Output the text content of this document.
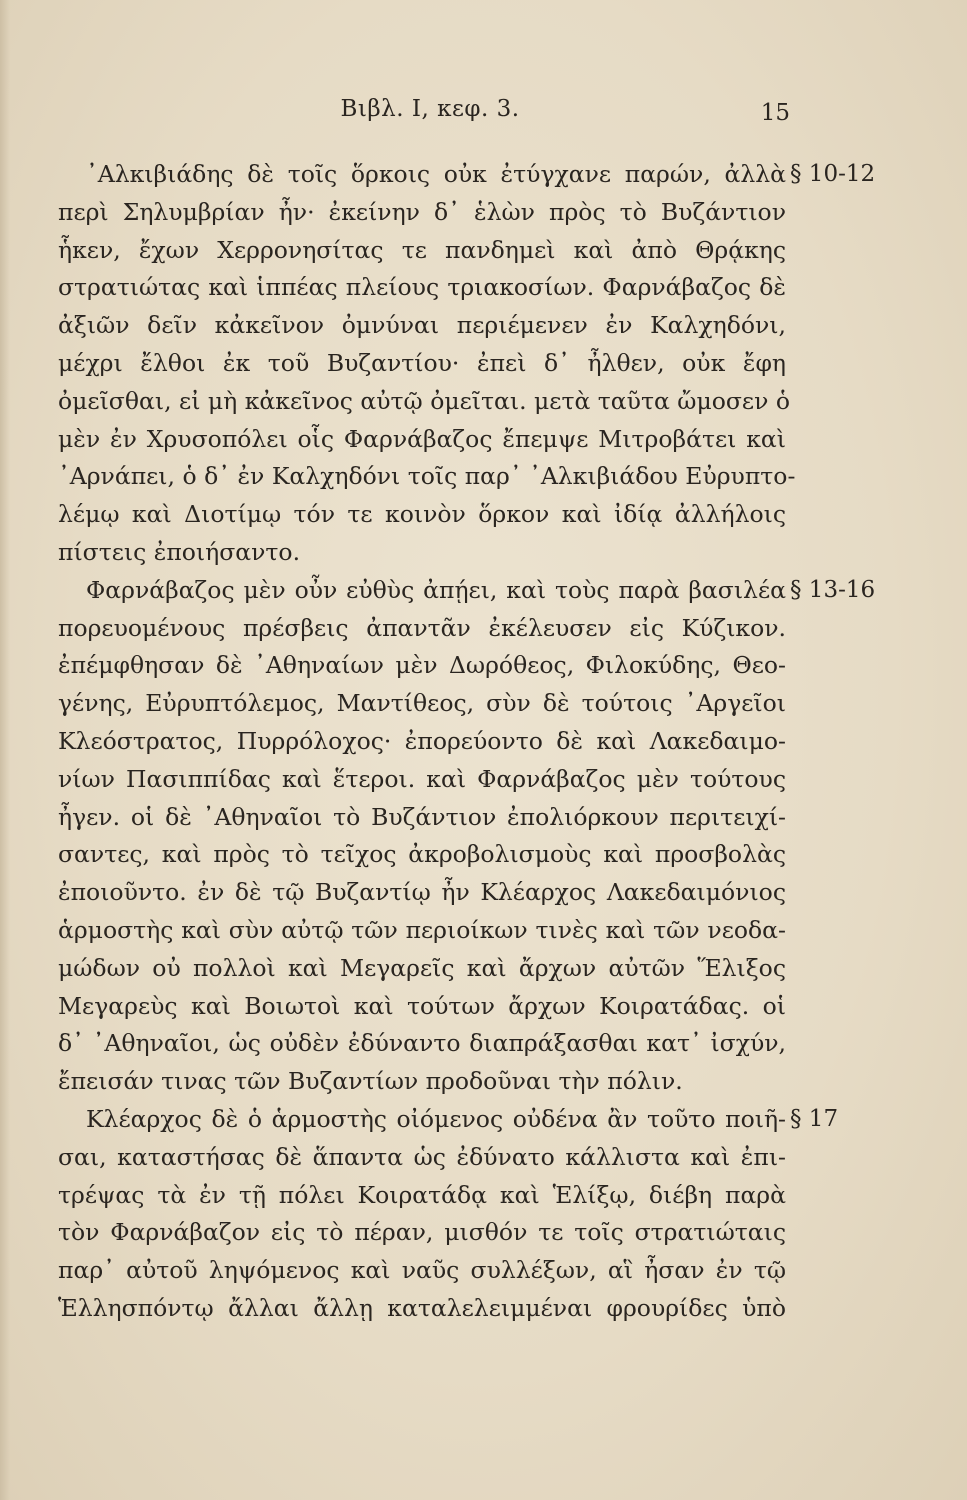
Βιβλ. I, κεφ. 3.	15
᾿Αλκιβιάδης δὲ τοῖς ὅρκοις οὐκ ἐτύγχανε παρών, ἀλλὰ
περὶ Σηλυμβρίαν ἦν· ἐκείνην δ᾿ ἑλὼν πρὸς τὸ Βυζάντιον
ἧκεν, ἔχων Χερρονησίτας τε πανδημεὶ καὶ ἀπὸ Θρᾴκης
στρατιώτας καὶ ἱππέας πλείους τριακοσίων. Φαρνάβαζος δὲ
ἀξιῶν δεῖν κἀκεῖνον ὀμνύναι περιέμενεν ἐν Καλχηδόνι,
μέχρι ἔλθοι ἐκ τοῦ Βυζαντίου· ἐπεὶ δ᾿ ἦλθεν, οὐκ ἔφη
ὀμεῖσθαι, εἰ μὴ κἀκεῖνος αὐτῷ ὀμεῖται. μετὰ ταῦτα ὤμοσεν ὁ
μὲν ἐν Χρυσοπόλει οἷς Φαρνάβαζος ἔπεμψε Μιτροβάτει καὶ
᾿Αρνάπει, ὁ δ᾿ ἐν Καλχηδόνι τοῖς παρ᾿ ᾿Αλκιβιάδου Εὐρυπτο-
λέμῳ καὶ Διοτίμῳ τόν τε κοινὸν ὅρκον καὶ ἰδίᾳ ἀλλήλοις
πίστεις ἐποιήσαντο.
Φαρνάβαζος μὲν οὖν εὐθὺς ἀπῄει, καὶ τοὺς παρὰ βασιλέα
πορευομένους πρέσβεις ἀπαντᾶν ἐκέλευσεν εἰς Κύζικον.
ἐπέμφθησαν δὲ ᾿Αθηναίων μὲν Δωρόθεος, Φιλοκύδης, Θεο-
γένης, Εὐρυπτόλεμος, Μαντίθεος, σὺν δὲ τούτοις ᾿Αργεῖοι
Κλεόστρατος, Πυρρόλοχος· ἐπορεύοντο δὲ καὶ Λακεδαιμο-
νίων Πασιππίδας καὶ ἕτεροι. καὶ Φαρνάβαζος μὲν τούτους
ἦγεν. οἱ δὲ ᾿Αθηναῖοι τὸ Βυζάντιον ἐπολιόρκουν περιτειχί-
σαντες, καὶ πρὸς τὸ τεῖχος ἀκροβολισμοὺς καὶ προσβολὰς
ἐποιοῦντο. ἐν δὲ τῷ Βυζαντίῳ ἦν Κλέαρχος Λακεδαιμόνιος
ἁρμοστὴς καὶ σὺν αὐτῷ τῶν περιοίκων τινὲς καὶ τῶν νεοδα-
μώδων οὐ πολλοὶ καὶ Μεγαρεῖς καὶ ἄρχων αὐτῶν Ἕλιξος
Μεγαρεὺς καὶ Βοιωτοὶ καὶ τούτων ἄρχων Κοιρατάδας. οἱ
δ᾿ ᾿Αθηναῖοι, ὡς οὐδὲν ἐδύναντο διαπράξασθαι κατ᾿ ἰσχύν,
ἔπεισάν τινας τῶν Βυζαντίων προδοῦναι τὴν πόλιν.
Κλέαρχος δὲ ὁ ἁρμοστὴς οἰόμενος οὐδένα ἂν τοῦτο ποιῆ-
σαι, καταστήσας δὲ ἅπαντα ὡς ἐδύνατο κάλλιστα καὶ ἐπι-
τρέψας τὰ ἐν τῇ πόλει Κοιρατάδᾳ καὶ Ἑλίξῳ, διέβη παρὰ
τὸν Φαρνάβαζον εἰς τὸ πέραν, μισθόν τε τοῖς στρατιώταις
παρ᾿ αὐτοῦ ληψόμενος καὶ ναῦς συλλέξων, αἳ ἦσαν ἐν τῷ
Ἑλλησπόντῳ ἄλλαι ἄλλῃ καταλελειμμέναι φρουρίδες ὑπὸ
§ 10-12
§ 13-16
§ 17
